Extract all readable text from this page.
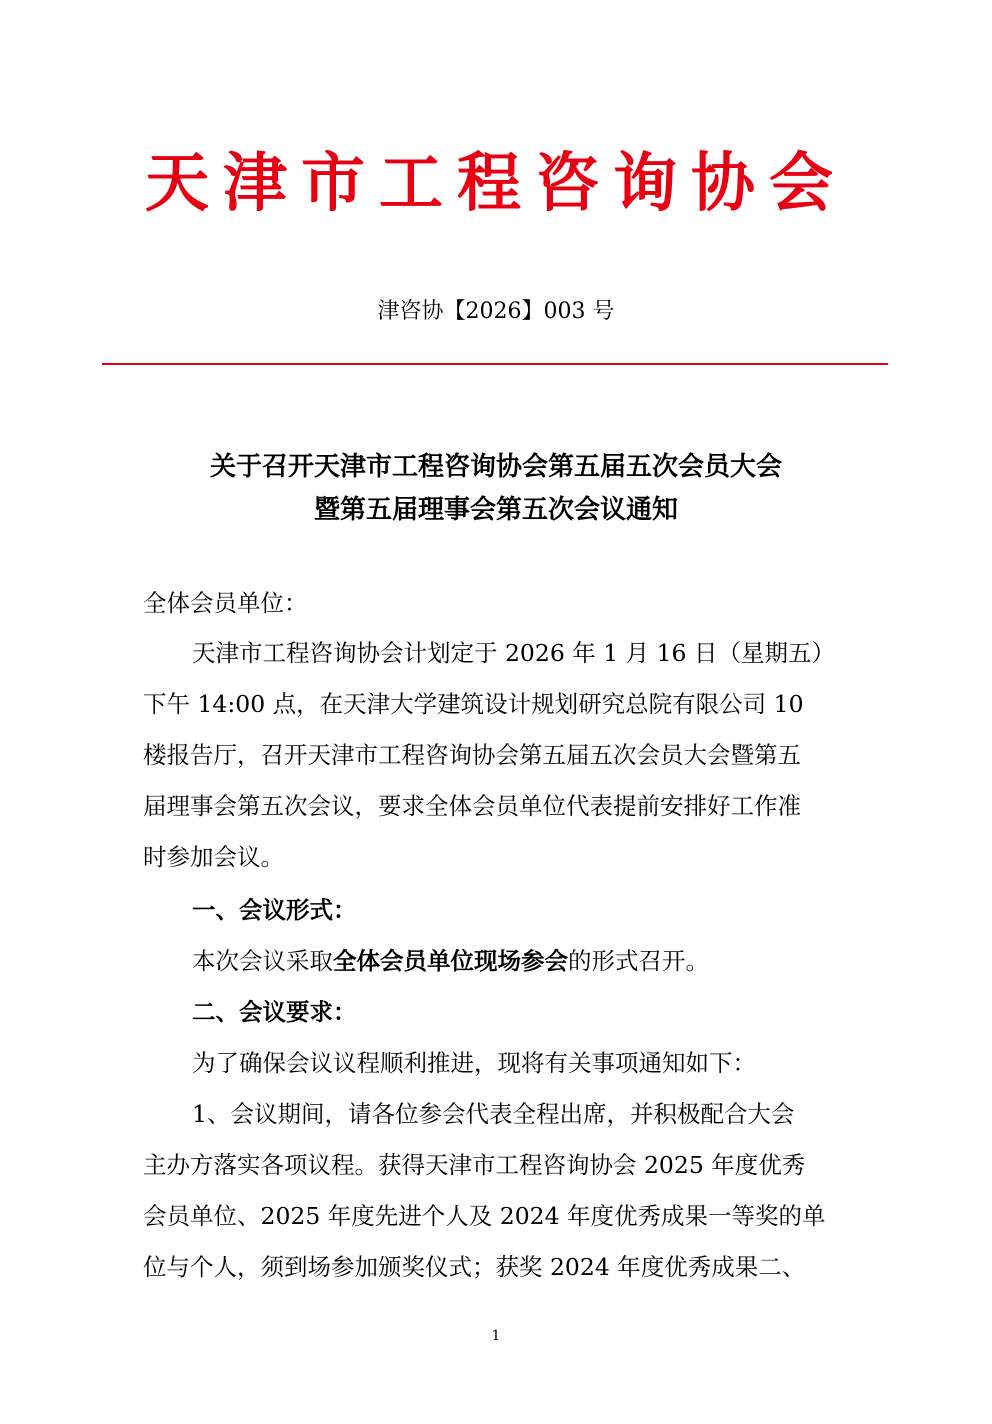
天津市工程咨询协会
津咨协【2026】003 号
关于召开天津市工程咨询协会第五届五次会员大会
暨第五届理事会第五次会议通知
全体会员单位：
天津市工程咨询协会计划定于 2026 年 1 月 16 日（星期五）
下午 14:00 点，在天津大学建筑设计规划研究总院有限公司 10
楼报告厅，召开天津市工程咨询协会第五届五次会员大会暨第五
届理事会第五次会议，要求全体会员单位代表提前安排好工作准
时参加会议。
一、会议形式：
本次会议采取全体会员单位现场参会的形式召开。
二、会议要求：
为了确保会议议程顺利推进，现将有关事项通知如下：
1、会议期间，请各位参会代表全程出席，并积极配合大会
主办方落实各项议程。获得天津市工程咨询协会 2025 年度优秀
会员单位、2025 年度先进个人及 2024 年度优秀成果一等奖的单
位与个人，须到场参加颁奖仪式；获奖 2024 年度优秀成果二、
1
